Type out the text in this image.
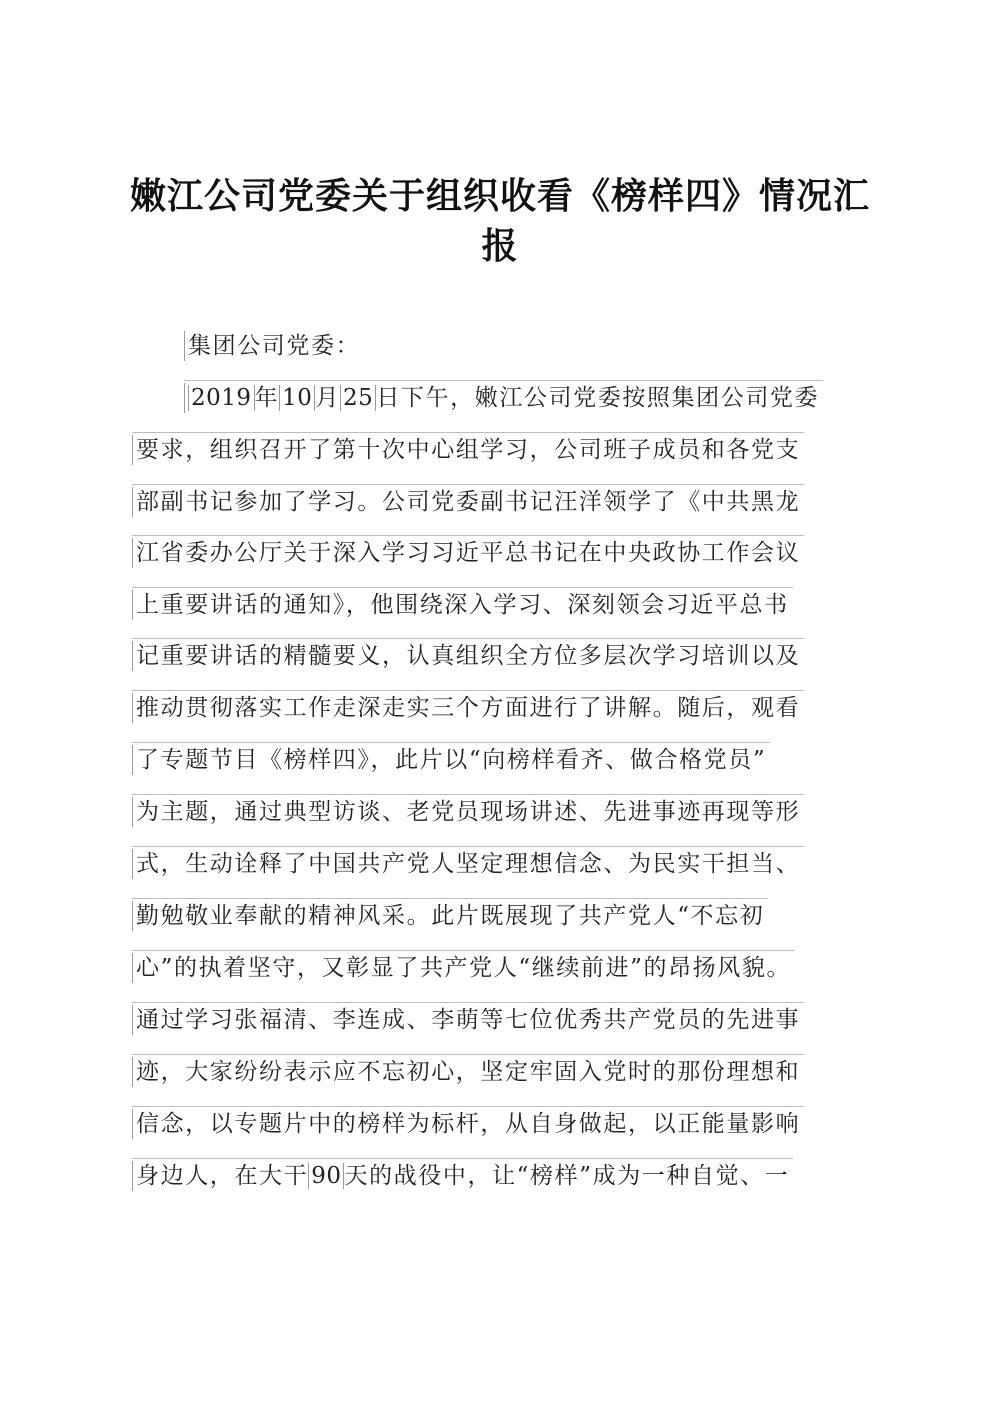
嫩江公司党委关于组织收看《榜样四》情况汇报
集团公司党委：
2019 年 10 月 25 日下午，嫩江公司党委按照集团公司党委
要求，组织召开了第十次中心组学习，公司班子成员和各党支
部副书记参加了学习。公司党委副书记汪洋领学了《中共黑龙
江省委办公厅关于深入学习习近平总书记在中央政协工作会议
上重要讲话的通知》，他围绕深入学习、深刻领会习近平总书
记重要讲话的精髓要义，认真组织全方位多层次学习培训以及
推动贯彻落实工作走深走实三个方面进行了讲解。随后，观看
了专题节目《榜样四》，此片以“向榜样看齐、做合格党员”
为主题，通过典型访谈、老党员现场讲述、先进事迹再现等形
式，生动诠释了中国共产党人坚定理想信念、为民实干担当、
勤勉敬业奉献的精神风采。此片既展现了共产党人“不忘初
心”的执着坚守，又彰显了共产党人“继续前进”的昂扬风貌。
通过学习张福清、李连成、李萌等七位优秀共产党员的先进事
迹，大家纷纷表示应不忘初心，坚定牢固入党时的那份理想和
信念，以专题片中的榜样为标杆，从自身做起，以正能量影响
身边人，在大干 90 天的战役中，让“榜样”成为一种自觉、一
